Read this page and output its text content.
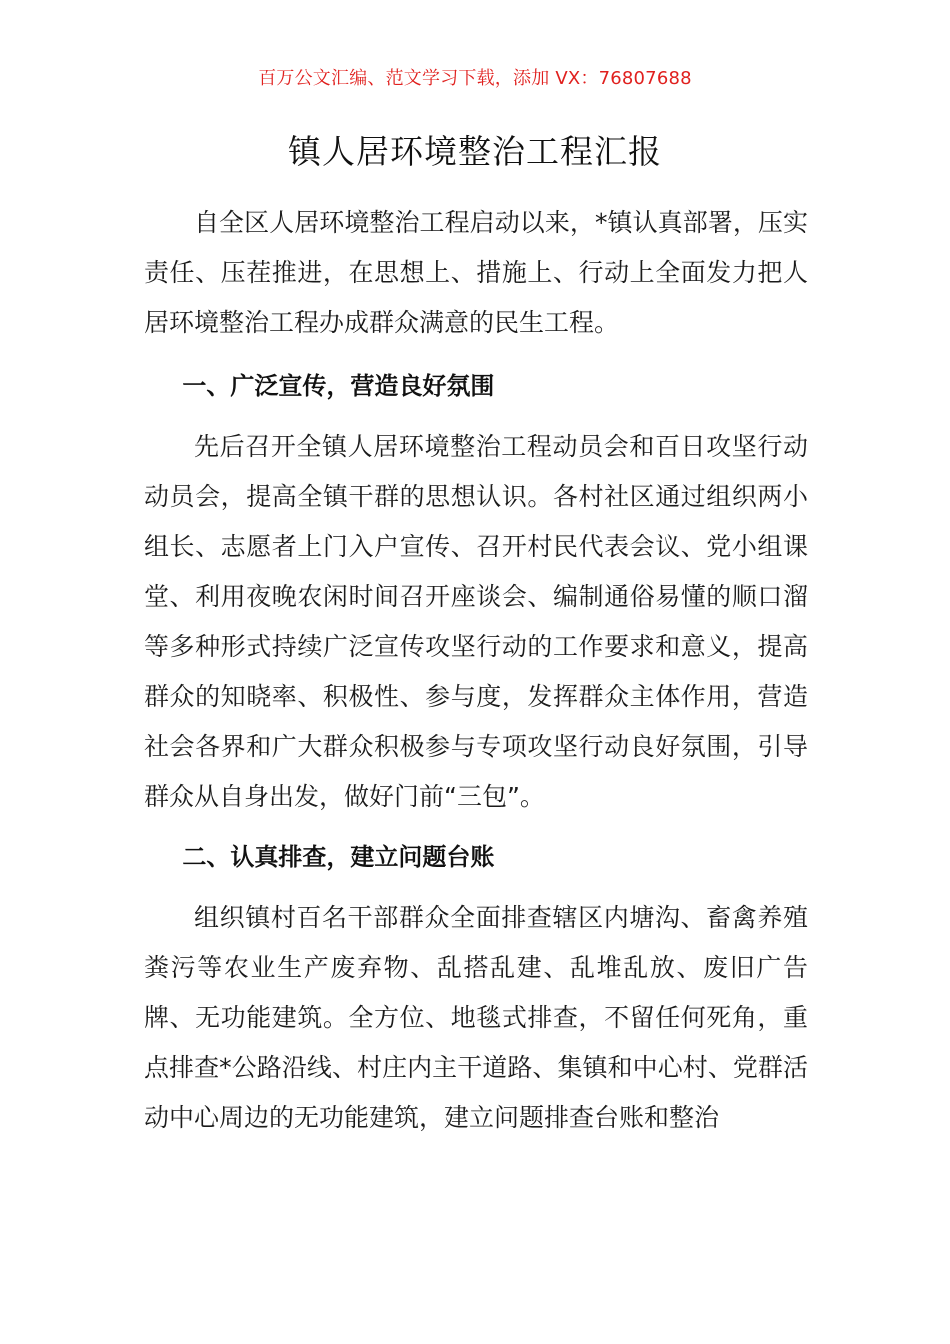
百万公文汇编、范文学习下载，添加 VX：76807688
镇人居环境整治工程汇报

自全区人居环境整治工程启动以来，*镇认真部署，压实责任、压茬推进，在思想上、措施上、行动上全面发力把人居环境整治工程办成群众满意的民生工程。

一、广泛宣传，营造良好氛围

先后召开全镇人居环境整治工程动员会和百日攻坚行动动员会，提高全镇干群的思想认识。各村社区通过组织两小组长、志愿者上门入户宣传、召开村民代表会议、党小组课堂、利用夜晚农闲时间召开座谈会、编制通俗易懂的顺口溜等多种形式持续广泛宣传攻坚行动的工作要求和意义，提高群众的知晓率、积极性、参与度，发挥群众主体作用，营造社会各界和广大群众积极参与专项攻坚行动良好氛围，引导群众从自身出发，做好门前“三包”。

二、认真排查，建立问题台账

组织镇村百名干部群众全面排查辖区内塘沟、畜禽养殖粪污等农业生产废弃物、乱搭乱建、乱堆乱放、废旧广告牌、无功能建筑。全方位、地毯式排查，不留任何死角，重点排查*公路沿线、村庄内主干道路、集镇和中心村、党群活动中心周边的无功能建筑，建立问题排查台账和整治
